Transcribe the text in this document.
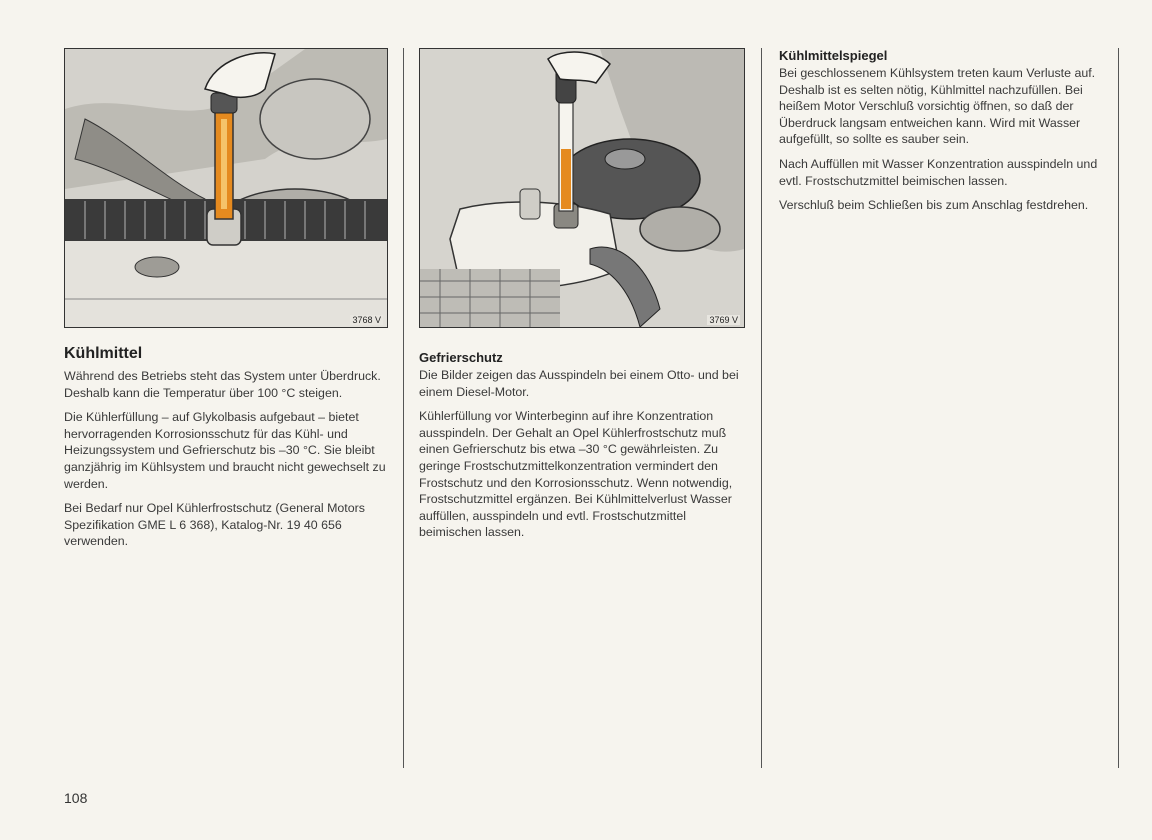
3768 V	3769 V
Kühlmittel

Während des Betriebs steht das System unter Überdruck. Deshalb kann die Temperatur über 100 °C steigen.

Die Kühlerfüllung – auf Glykolbasis aufgebaut – bietet hervorragenden Korrosionsschutz für das Kühl- und Heizungssystem und Gefrierschutz bis –30 °C. Sie bleibt ganzjährig im Kühlsystem und braucht nicht gewechselt zu werden.

Bei Bedarf nur Opel Kühlerfrostschutz (General Motors Spezifikation GME L 6 368), Katalog-Nr. 19 40 656 verwenden.

Gefrierschutz

Die Bilder zeigen das Ausspindeln bei einem Otto- und bei einem Diesel-Motor.

Kühlerfüllung vor Winterbeginn auf ihre Konzentration ausspindeln. Der Gehalt an Opel Kühlerfrostschutz muß einen Gefrierschutz bis etwa –30 °C gewährleisten. Zu geringe Frostschutzmittelkonzentration vermindert den Frostschutz und den Korrosionsschutz. Wenn notwendig, Frostschutzmittel ergänzen. Bei Kühlmittelverlust Wasser auffüllen, ausspindeln und evtl. Frostschutzmittel beimischen lassen.

Kühlmittelspiegel

Bei geschlossenem Kühlsystem treten kaum Verluste auf. Deshalb ist es selten nötig, Kühlmittel nachzufüllen. Bei heißem Motor Verschluß vorsichtig öffnen, so daß der Überdruck langsam entweichen kann. Wird mit Wasser aufgefüllt, so sollte es sauber sein.

Nach Auffüllen mit Wasser Konzentration ausspindeln und evtl. Frostschutzmittel beimischen lassen.

Verschluß beim Schließen bis zum Anschlag festdrehen.

108
